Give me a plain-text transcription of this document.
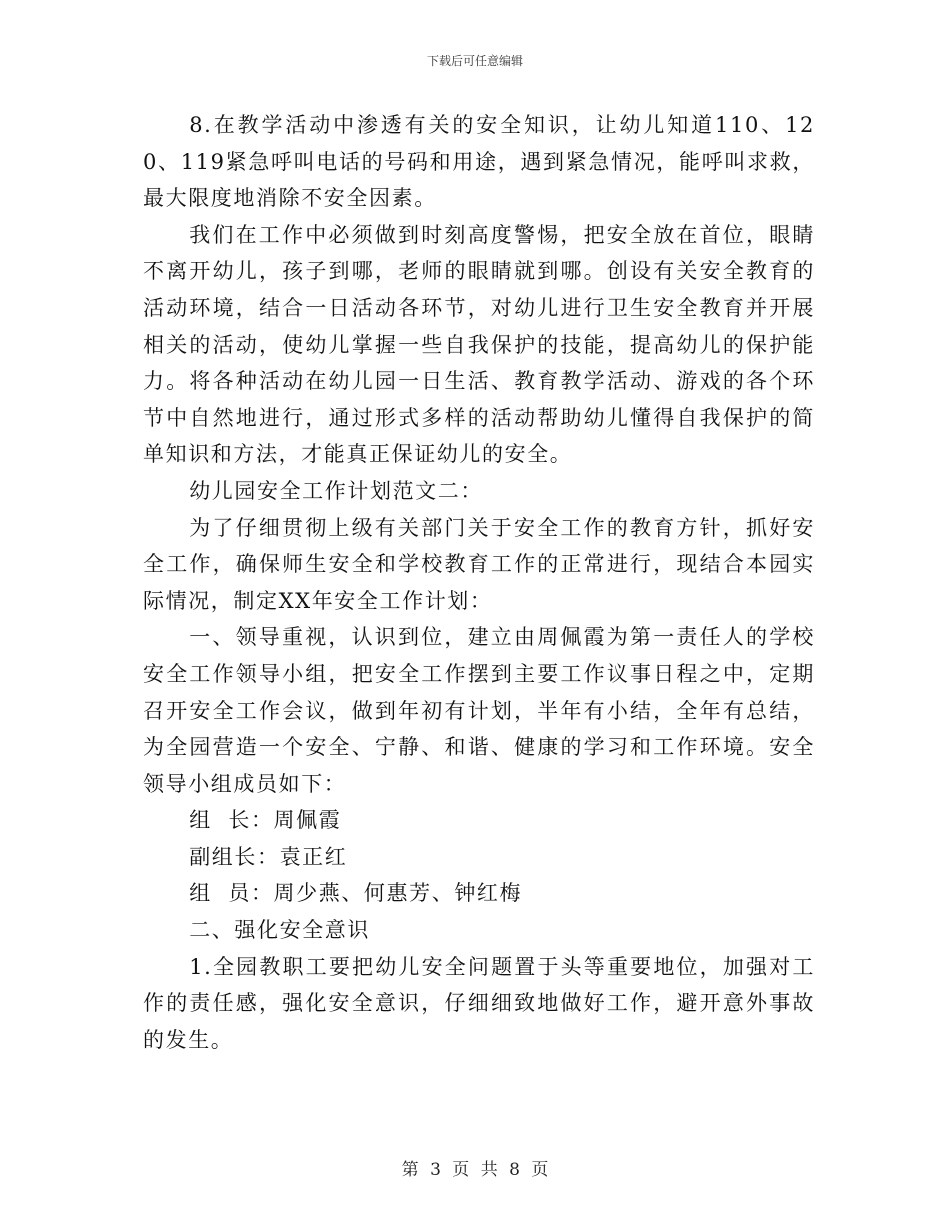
下载后可任意编辑

8.在教学活动中渗透有关的安全知识，让幼儿知道110、120、119紧急呼叫电话的号码和用途，遇到紧急情况，能呼叫求救，最大限度地消除不安全因素。

我们在工作中必须做到时刻高度警惕，把安全放在首位，眼睛不离开幼儿，孩子到哪，老师的眼睛就到哪。创设有关安全教育的活动环境，结合一日活动各环节，对幼儿进行卫生安全教育并开展相关的活动，使幼儿掌握一些自我保护的技能，提高幼儿的保护能力。将各种活动在幼儿园一日生活、教育教学活动、游戏的各个环节中自然地进行，通过形式多样的活动帮助幼儿懂得自我保护的简单知识和方法，才能真正保证幼儿的安全。

幼儿园安全工作计划范文二：

为了仔细贯彻上级有关部门关于安全工作的教育方针，抓好安全工作，确保师生安全和学校教育工作的正常进行，现结合本园实际情况，制定XX年安全工作计划：

一、领导重视，认识到位，建立由周佩霞为第一责任人的学校安全工作领导小组，把安全工作摆到主要工作议事日程之中，定期召开安全工作会议，做到年初有计划，半年有小结，全年有总结，为全园营造一个安全、宁静、和谐、健康的学习和工作环境。安全领导小组成员如下：

组  长：周佩霞

副组长：袁正红

组  员：周少燕、何惠芳、钟红梅

二、强化安全意识

1.全园教职工要把幼儿安全问题置于头等重要地位，加强对工作的责任感，强化安全意识，仔细细致地做好工作，避开意外事故的发生。

第 3 页 共 8 页
